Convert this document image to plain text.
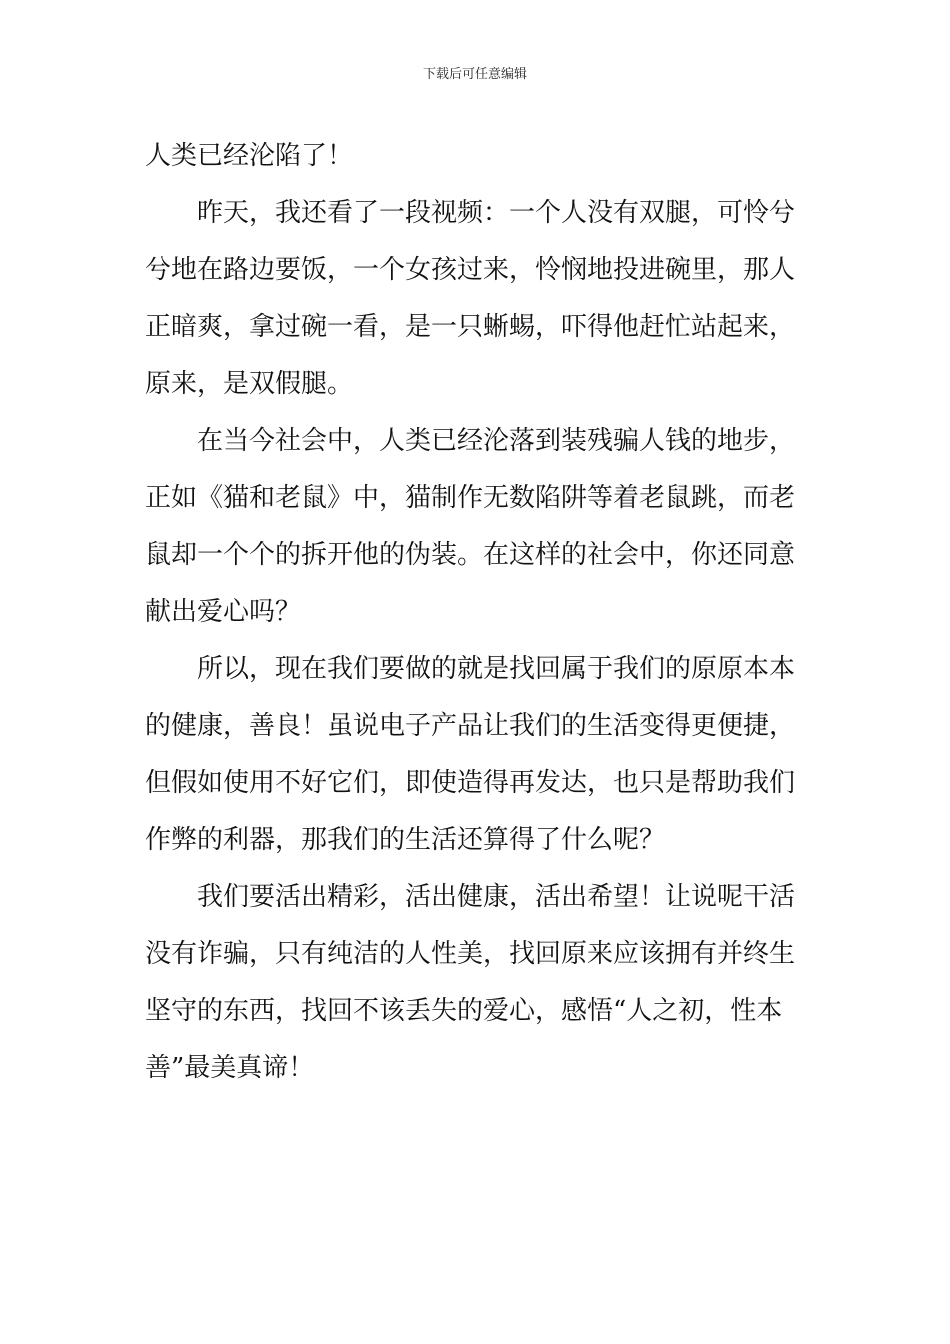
下载后可任意编辑
人类已经沦陷了！
昨天，我还看了一段视频：一个人没有双腿，可怜兮
兮地在路边要饭，一个女孩过来，怜悯地投进碗里，那人
正暗爽，拿过碗一看，是一只蜥蜴，吓得他赶忙站起来，
原来，是双假腿。
在当今社会中，人类已经沦落到装残骗人钱的地步，
正如《猫和老鼠》中，猫制作无数陷阱等着老鼠跳，而老
鼠却一个个的拆开他的伪装。在这样的社会中，你还同意
献出爱心吗？
所以，现在我们要做的就是找回属于我们的原原本本
的健康，善良！虽说电子产品让我们的生活变得更便捷，
但假如使用不好它们，即使造得再发达，也只是帮助我们
作弊的利器，那我们的生活还算得了什么呢？
我们要活出精彩，活出健康，活出希望！让说呢干活
没有诈骗，只有纯洁的人性美，找回原来应该拥有并终生
坚守的东西，找回不该丢失的爱心，感悟“人之初，性本
善”最美真谛！
